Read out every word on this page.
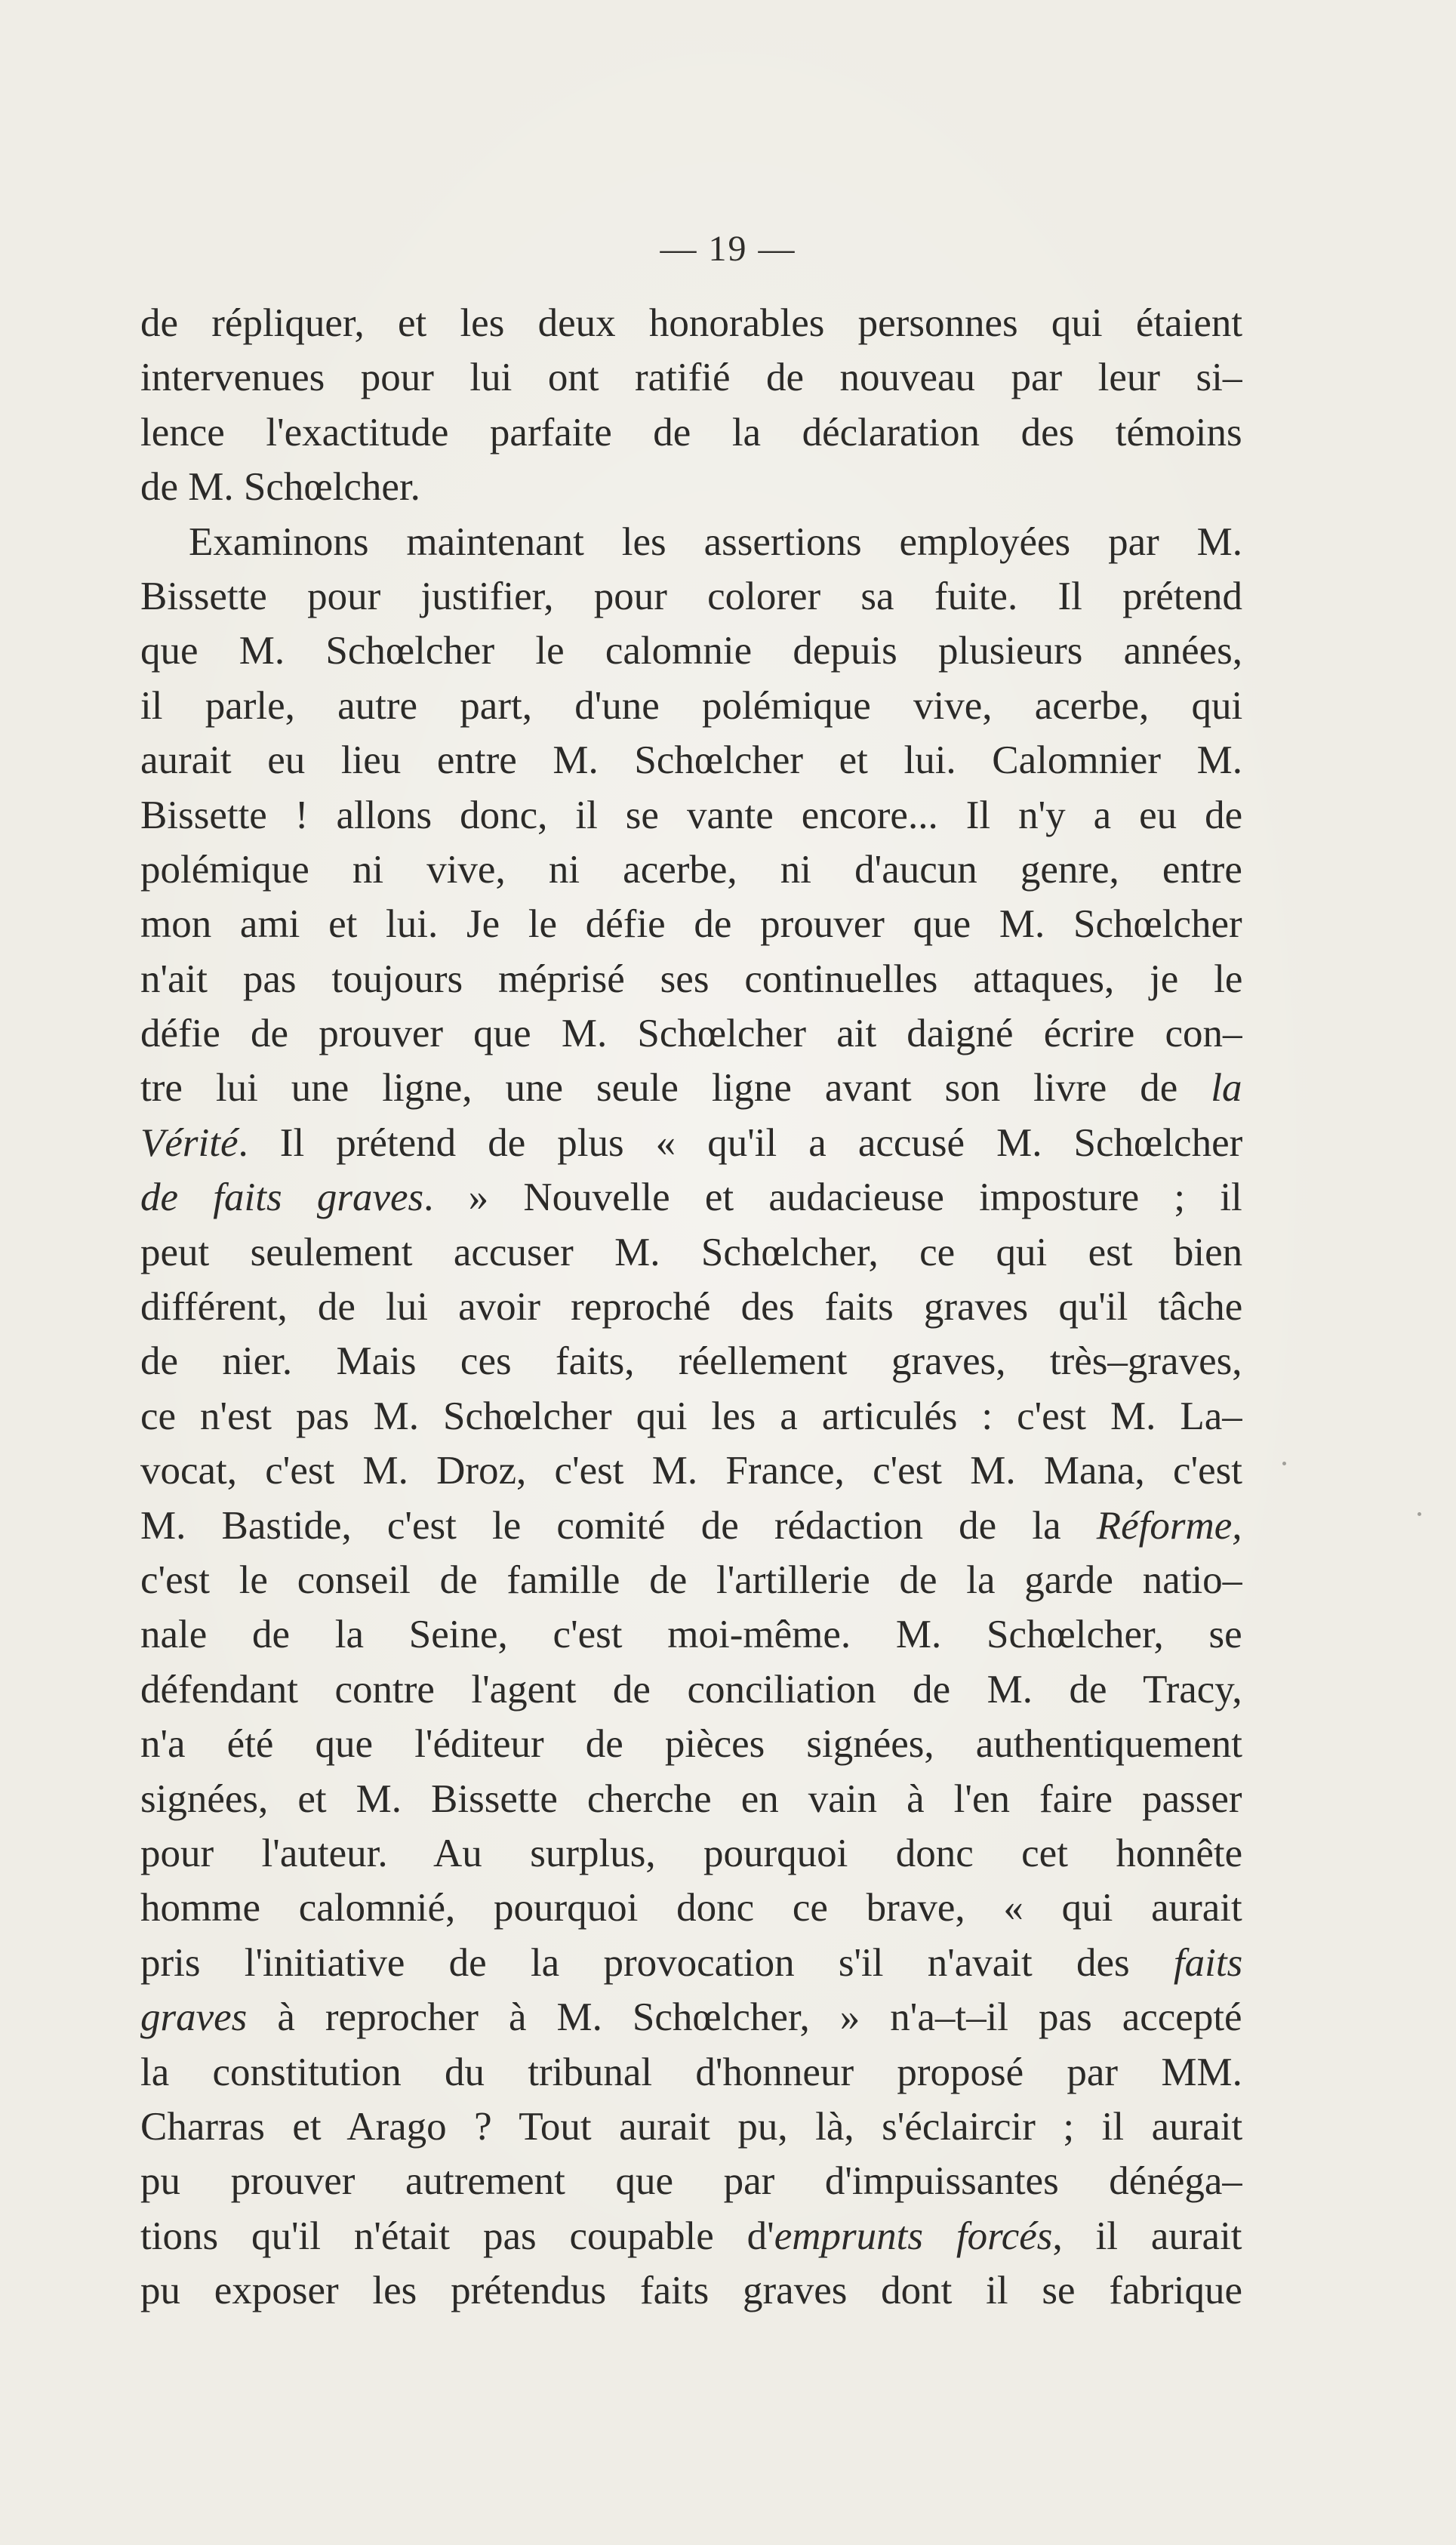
— 19 —
de répliquer, et les deux honorables personnes qui étaient
intervenues pour lui ont ratifié de nouveau par leur si–
lence l'exactitude parfaite de la déclaration des témoins
de M. Schœlcher.
Examinons maintenant les assertions employées par M.
Bissette pour justifier, pour colorer sa fuite. Il prétend
que M. Schœlcher le calomnie depuis plusieurs années,
il parle, autre part, d'une polémique vive, acerbe, qui
aurait eu lieu entre M. Schœlcher et lui. Calomnier M.
Bissette ! allons donc, il se vante encore... Il n'y a eu de
polémique ni vive, ni acerbe, ni d'aucun genre, entre
mon ami et lui. Je le défie de prouver que M. Schœlcher
n'ait pas toujours méprisé ses continuelles attaques, je le
défie de prouver que M. Schœlcher ait daigné écrire con–
tre lui une ligne, une seule ligne avant son livre de la
Vérité. Il prétend de plus « qu'il a accusé M. Schœlcher
de faits graves. » Nouvelle et audacieuse imposture ; il
peut seulement accuser M. Schœlcher, ce qui est bien
différent, de lui avoir reproché des faits graves qu'il tâche
de nier. Mais ces faits, réellement graves, très–graves,
ce n'est pas M. Schœlcher qui les a articulés : c'est M. La–
vocat, c'est M. Droz, c'est M. France, c'est M. Mana, c'est
M. Bastide, c'est le comité de rédaction de la Réforme,
c'est le conseil de famille de l'artillerie de la garde natio–
nale de la Seine, c'est moi-même. M. Schœlcher, se
défendant contre l'agent de conciliation de M. de Tracy,
n'a été que l'éditeur de pièces signées, authentiquement
signées, et M. Bissette cherche en vain à l'en faire passer
pour l'auteur. Au surplus, pourquoi donc cet honnête
homme calomnié, pourquoi donc ce brave, « qui aurait
pris l'initiative de la provocation s'il n'avait des faits
graves à reprocher à M. Schœlcher, » n'a–t–il pas accepté
la constitution du tribunal d'honneur proposé par MM.
Charras et Arago ? Tout aurait pu, là, s'éclaircir ; il aurait
pu prouver autrement que par d'impuissantes dénéga–
tions qu'il n'était pas coupable d'emprunts forcés, il aurait
pu exposer les prétendus faits graves dont il se fabrique
